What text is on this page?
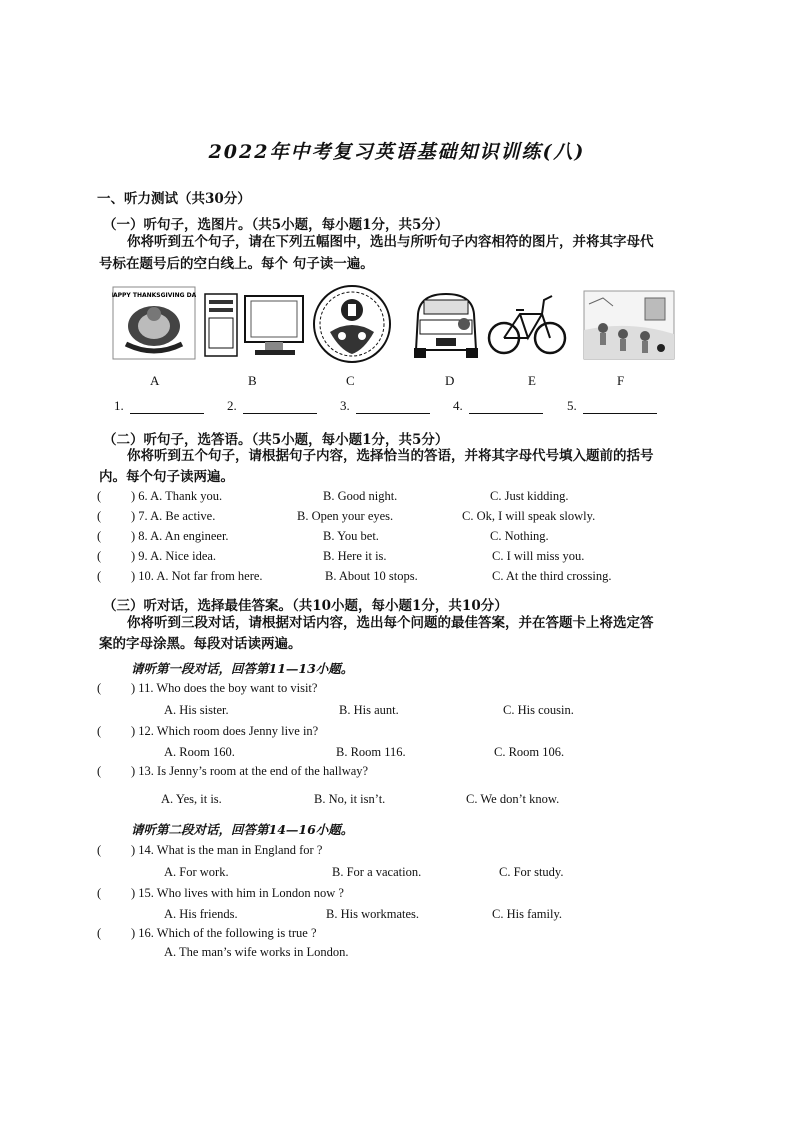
2022年中考复习英语基础知识训练(八)
一、听力测试（共30分）
（一）听句子，选图片。（共5小题，每小题1分，共5分）
你将听到五个句子，请在下列五幅图中，选出与所听句子内容相符的图片，并将其字母代
号标在题号后的空白线上。每个 句子读一遍。
HAPPY THANKSGIVING DAY
A	B	C	D	E	F
1.	2.	3.	4.	5.
（二）听句子，选答语。（共5小题，每小题1分，共5分）
你将听到五个句子，请根据句子内容，选择恰当的答语，并将其字母代号填入题前的括号
内。每个句子读两遍。
( ) 6. A. Thank you.	B. Good night.	C. Just kidding.
( ) 7. A. Be active.	B. Open your eyes.	C. Ok, I will speak slowly.
( ) 8. A. An engineer.	B. You bet.	C. Nothing.
( ) 9. A. Nice idea.	B. Here it is.	C. I will miss you.
( ) 10. A. Not far from here.	B. About 10 stops.	C. At the third crossing.
（三）听对话，选择最佳答案。（共10小题，每小题1分，共10分）
你将听到三段对话，请根据对话内容，选出每个问题的最佳答案，并在答题卡上将选定答
案的字母涂黑。每段对话读两遍。
请听第一段对话，回答第11—13小题。
( ) 11. Who does the boy want to visit?
A. His sister.	B. His aunt.	C. His cousin.
( ) 12. Which room does Jenny live in?
A. Room 160.	B. Room 116.	C. Room 106.
( ) 13. Is Jenny’s room at the end of the hallway?
A. Yes, it is.	B. No, it isn’t.	C. We don’t know.
请听第二段对话，回答第14—16小题。
( ) 14. What is the man in England for ?
A. For work.	B. For a vacation.	C. For study.
( ) 15. Who lives with him in London now ?
A. His friends.	B. His workmates.	C. His family.
( ) 16. Which of the following is true ?
A. The man’s wife works in London.
